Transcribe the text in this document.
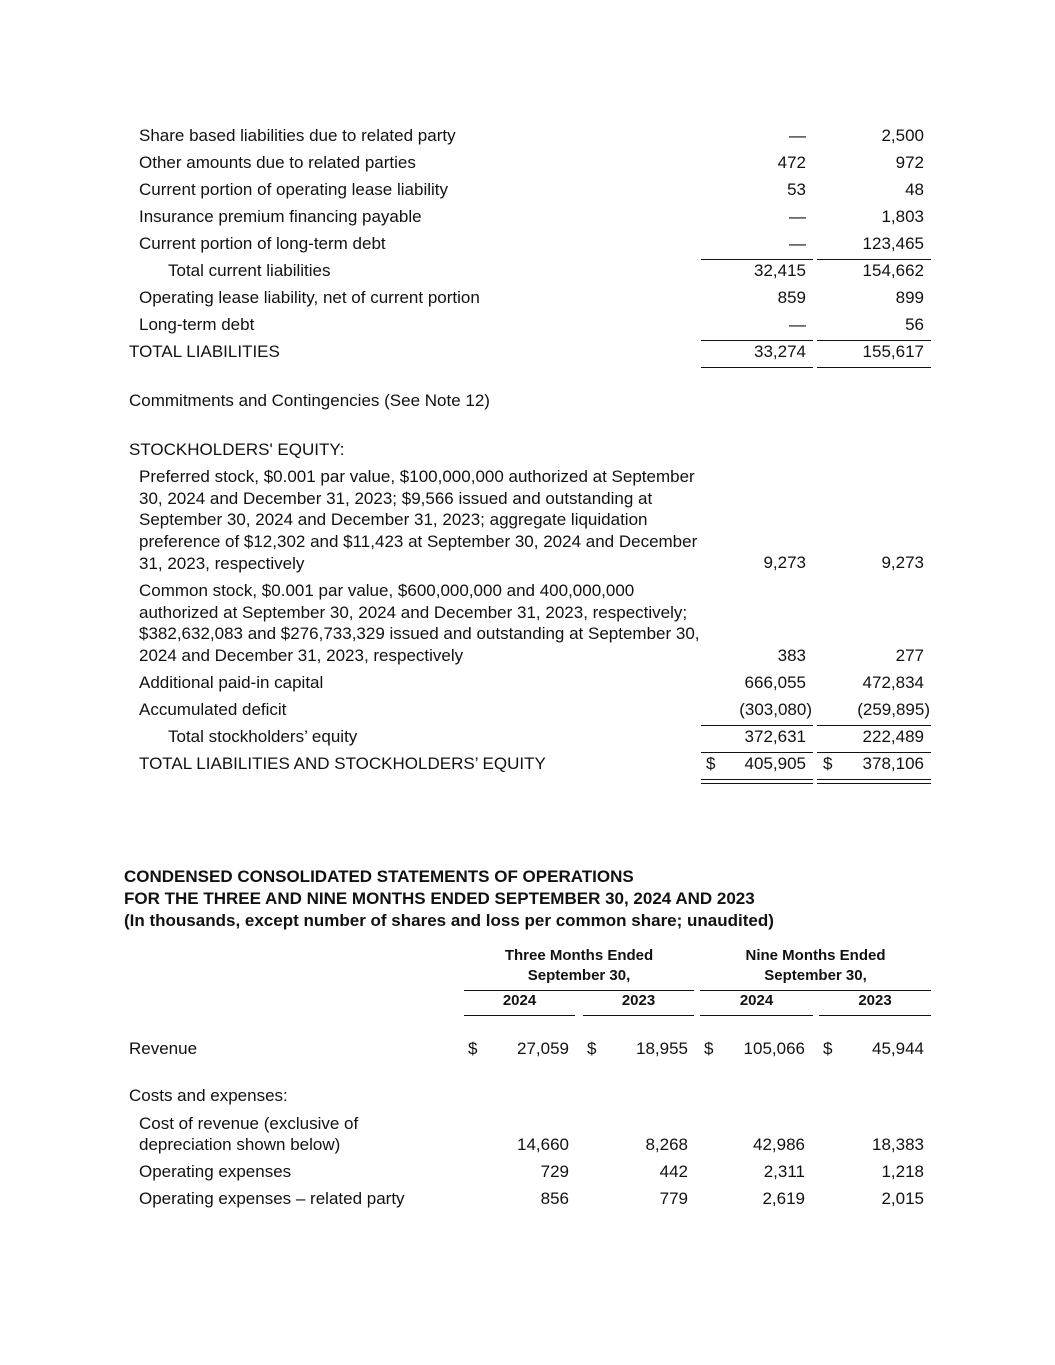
Share based liabilities due to related party	—	2,500
Other amounts due to related parties	472	972
Current portion of operating lease liability	53	48
Insurance premium financing payable	—	1,803
Current portion of long-term debt	—	123,465
Total current liabilities	32,415	154,662
Operating lease liability, net of current portion	859	899
Long-term debt	—	56
TOTAL LIABILITIES	33,274	155,617
Commitments and Contingencies (See Note 12)
STOCKHOLDERS' EQUITY:
Preferred stock, $0.001 par value, $100,000,000 authorized at September 30, 2024 and December 31, 2023; $9,566 issued and outstanding at September 30, 2024 and December 31, 2023; aggregate liquidation preference of $12,302 and $11,423 at September 30, 2024 and December 31, 2023, respectively	9,273	9,273
Common stock, $0.001 par value, $600,000,000 and 400,000,000 authorized at September 30, 2024 and December 31, 2023, respectively; $382,632,083 and $276,733,329 issued and outstanding at September 30, 2024 and December 31, 2023, respectively	383	277
Additional paid-in capital	666,055	472,834
Accumulated deficit	(303,080)	(259,895)
Total stockholders’ equity	372,631	222,489
TOTAL LIABILITIES AND STOCKHOLDERS’ EQUITY	$ 405,905 $ 378,106
CONDENSED CONSOLIDATED STATEMENTS OF OPERATIONS
FOR THE THREE AND NINE MONTHS ENDED SEPTEMBER 30, 2024 AND 2023
(In thousands, except number of shares and loss per common share; unaudited)
Three Months Ended
September 30,
Nine Months Ended
September 30,
2024	2023	2024	2023
Revenue	$ 27,059 $ 18,955 $ 105,066 $ 45,944
Costs and expenses:
Cost of revenue (exclusive of
depreciation shown below)	14,660	8,268	42,986	18,383
Operating expenses	729	442	2,311	1,218
Operating expenses – related party	856	779	2,619	2,015
